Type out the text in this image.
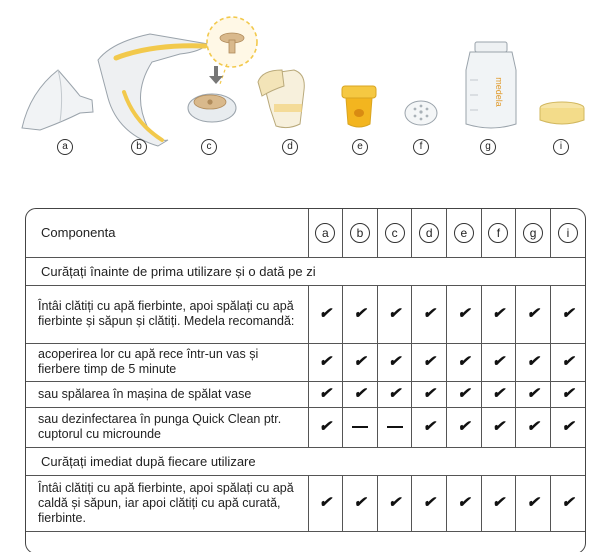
medela
a	b	c	d	e	f	g	i
Componenta	a	b	c	d	e	f	g	i
Curățați înainte de prima utilizare și o dată pe zi								
Întâi clătiți cu apă fierbinte, apoi spălați cu apă fierbinte și săpun și clătiți. Medela recomandă:	✔	✔	✔	✔	✔	✔	✔	✔
acoperirea lor cu apă rece într-un vas și fierbere timp de 5 minute	✔	✔	✔	✔	✔	✔	✔	✔
sau spălarea în mașina de spălat vase	✔	✔	✔	✔	✔	✔	✔	✔
sau dezinfectarea în punga Quick Clean ptr. cuptorul cu microunde	✔			✔	✔	✔	✔	✔
Curățați imediat după fiecare utilizare								
Întâi clătiți cu apă fierbinte, apoi spălați cu apă caldă și săpun, iar apoi clătiți cu apă curată, fierbinte.	✔	✔	✔	✔	✔	✔	✔	✔
